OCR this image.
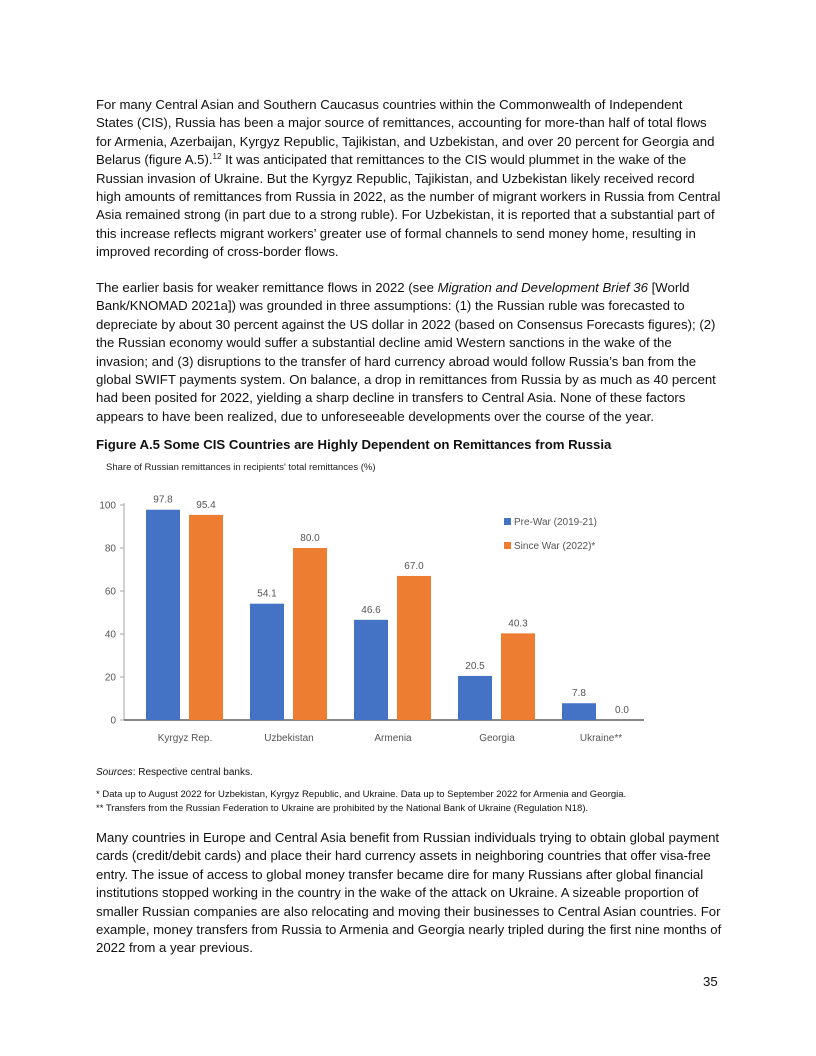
For many Central Asian and Southern Caucasus countries within the Commonwealth of Independent States (CIS), Russia has been a major source of remittances, accounting for more-than half of total flows for Armenia, Azerbaijan, Kyrgyz Republic, Tajikistan, and Uzbekistan, and over 20 percent for Georgia and Belarus (figure A.5).$^{12}$ It was anticipated that remittances to the CIS would plummet in the wake of the Russian invasion of Ukraine. But the Kyrgyz Republic, Tajikistan, and Uzbekistan likely received record high amounts of remittances from Russia in 2022, as the number of migrant workers in Russia from Central Asia remained strong (in part due to a strong ruble). For Uzbekistan, it is reported that a substantial part of this increase reflects migrant workers’ greater use of formal channels to send money home, resulting in improved recording of cross-border flows.

The earlier basis for weaker remittance flows in 2022 (see Migration and Development Brief 36 [World Bank/KNOMAD 2021a]) was grounded in three assumptions: (1) the Russian ruble was forecasted to depreciate by about 30 percent against the US dollar in 2022 (based on Consensus Forecasts figures); (2) the Russian economy would suffer a substantial decline amid Western sanctions in the wake of the invasion; and (3) disruptions to the transfer of hard currency abroad would follow Russia’s ban from the global SWIFT payments system. On balance, a drop in remittances from Russia by as much as 40 percent had been posited for 2022, yielding a sharp decline in transfers to Central Asia. None of these factors appears to have been realized, due to unforeseeable developments over the course of the year.

Figure A.5 Some CIS Countries are Highly Dependent on Remittances from Russia

Share of Russian remittances in recipients' total remittances (%)

0
20
40
60
80
100
97.8 95.4
Kyrgyz Rep.
54.1
80.0
Uzbekistan
46.6
67.0
Armenia
20.5
40.3
Georgia
7.8
0.0
Ukraine**
Pre-War (2019-21)
Since War (2022)*

Sources: Respective central banks.

* Data up to August 2022 for Uzbekistan, Kyrgyz Republic, and Ukraine. Data up to September 2022 for Armenia and Georgia.

** Transfers from the Russian Federation to Ukraine are prohibited by the National Bank of Ukraine (Regulation N18).

Many countries in Europe and Central Asia benefit from Russian individuals trying to obtain global payment cards (credit/debit cards) and place their hard currency assets in neighboring countries that offer visa-free entry. The issue of access to global money transfer became dire for many Russians after global financial institutions stopped working in the country in the wake of the attack on Ukraine. A sizeable proportion of smaller Russian companies are also relocating and moving their businesses to Central Asian countries. For example, money transfers from Russia to Armenia and Georgia nearly tripled during the first nine months of 2022 from a year previous.

35
